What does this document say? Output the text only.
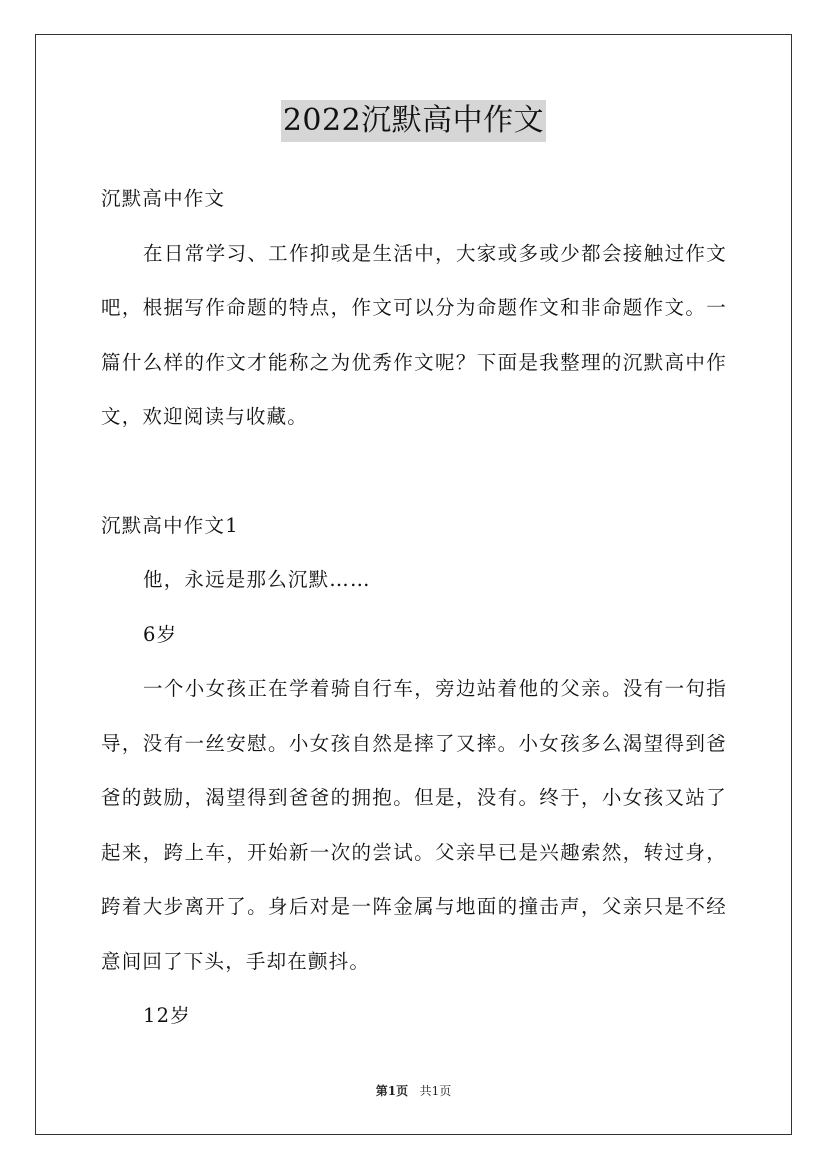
2022沉默高中作文

沉默高中作文

在日常学习、工作抑或是生活中，大家或多或少都会接触过作文吧，根据写作命题的特点，作文可以分为命题作文和非命题作文。一篇什么样的作文才能称之为优秀作文呢？下面是我整理的沉默高中作文，欢迎阅读与收藏。

沉默高中作文1

他，永远是那么沉默……

6岁

一个小女孩正在学着骑自行车，旁边站着他的父亲。没有一句指导，没有一丝安慰。小女孩自然是摔了又摔。小女孩多么渴望得到爸爸的鼓励，渴望得到爸爸的拥抱。但是，没有。终于，小女孩又站了起来，跨上车，开始新一次的尝试。父亲早已是兴趣索然，转过身，跨着大步离开了。身后对是一阵金属与地面的撞击声，父亲只是不经意间回了下头，手却在颤抖。

12岁

第1页 共1页
